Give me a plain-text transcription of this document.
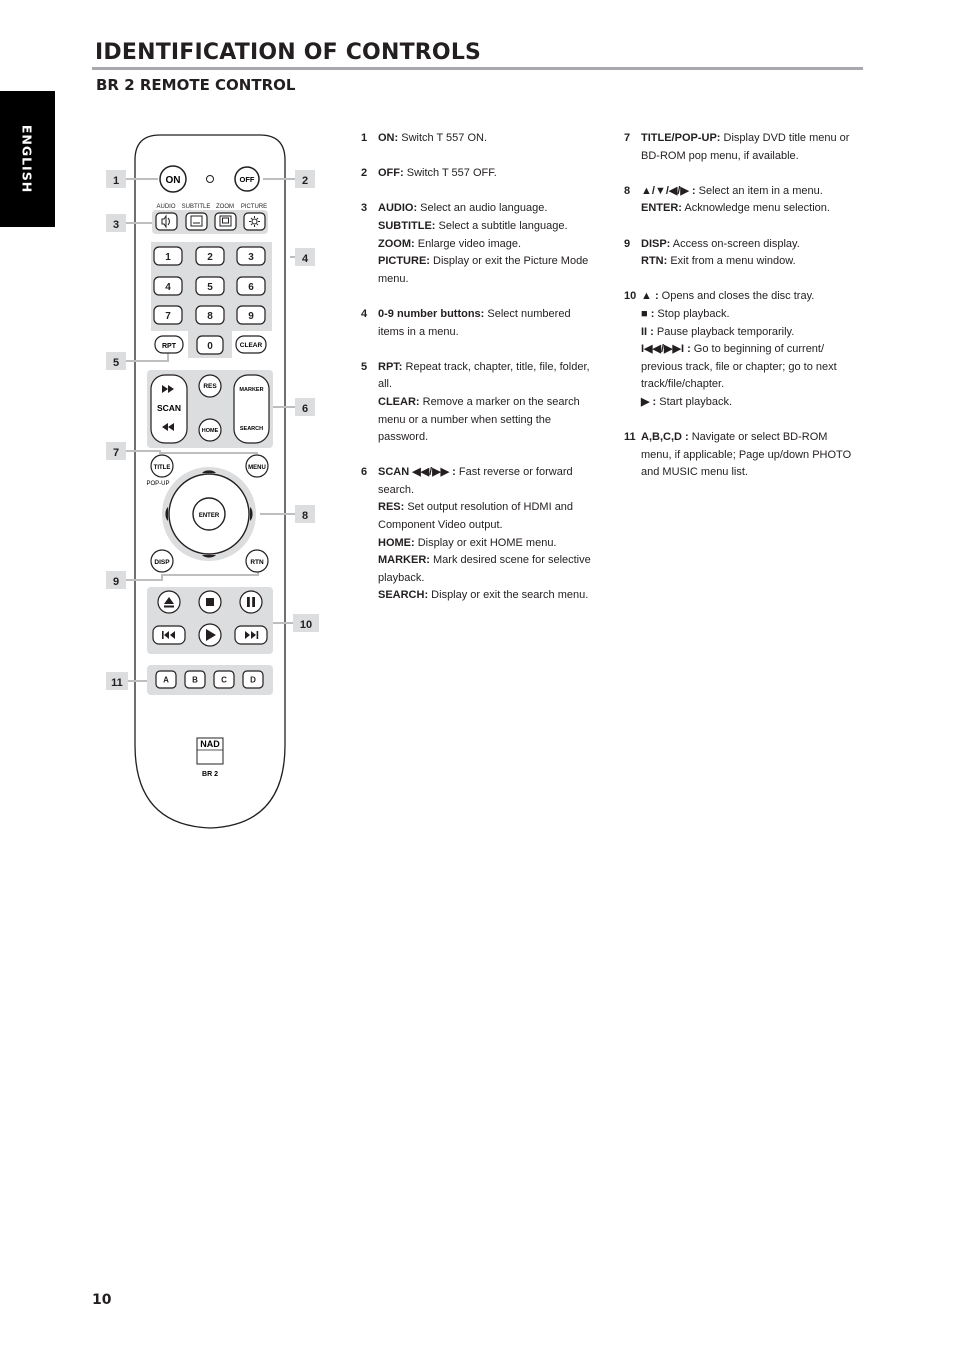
IDENTIFICATION OF CONTROLS
BR 2 REMOTE CONTROL
ENGLISH	1	2
3
4
5
6
7
8
9
10
11
ON	OFF
AUDIO SUBTITLE ZOOM PICTURE
1	2	3
4	5	6
7	8	9
0
RPT	CLEAR
SCAN
RES
HOME
MARKER
SEARCH
TITLE
POP-UP
MENU
ENTER
DISP	RTN
A	B	C	D
NAD
BR 2
1 ON: Switch T 557 ON.
2 OFF: Switch T 557 OFF.
3 AUDIO: Select an audio language.
SUBTITLE: Select a subtitle language.
ZOOM: Enlarge video image.
PICTURE: Display or exit the Picture Mode menu.
4 0-9 number buttons: Select numbered items in a menu.
5 RPT: Repeat track, chapter, title, file, folder, all.
CLEAR: Remove a marker on the search menu or a number when setting the password.
6 SCAN ◀◀/▶▶ : Fast reverse or forward search.
RES: Set output resolution of HDMI and Component Video output.
HOME: Display or exit HOME menu.
MARKER: Mark desired scene for selective playback.
SEARCH: Display or exit the search menu.
7 TITLE/POP-UP: Display DVD title menu or BD-ROM pop menu, if available.
8 ▲/▼/◀/▶ : Select an item in a menu.
ENTER: Acknowledge menu selection.
9 DISP: Access on-screen display.
RTN: Exit from a menu window.
10 ▲ : Opens and closes the disc tray.
■ : Stop playback.
II : Pause playback temporarily.
I◀◀/▶▶I : Go to beginning of current/ previous track, file or chapter; go to next track/file/chapter.
▶ : Start playback.
11 A,B,C,D : Navigate or select BD-ROM menu, if applicable; Page up/down PHOTO and MUSIC menu list.
10
